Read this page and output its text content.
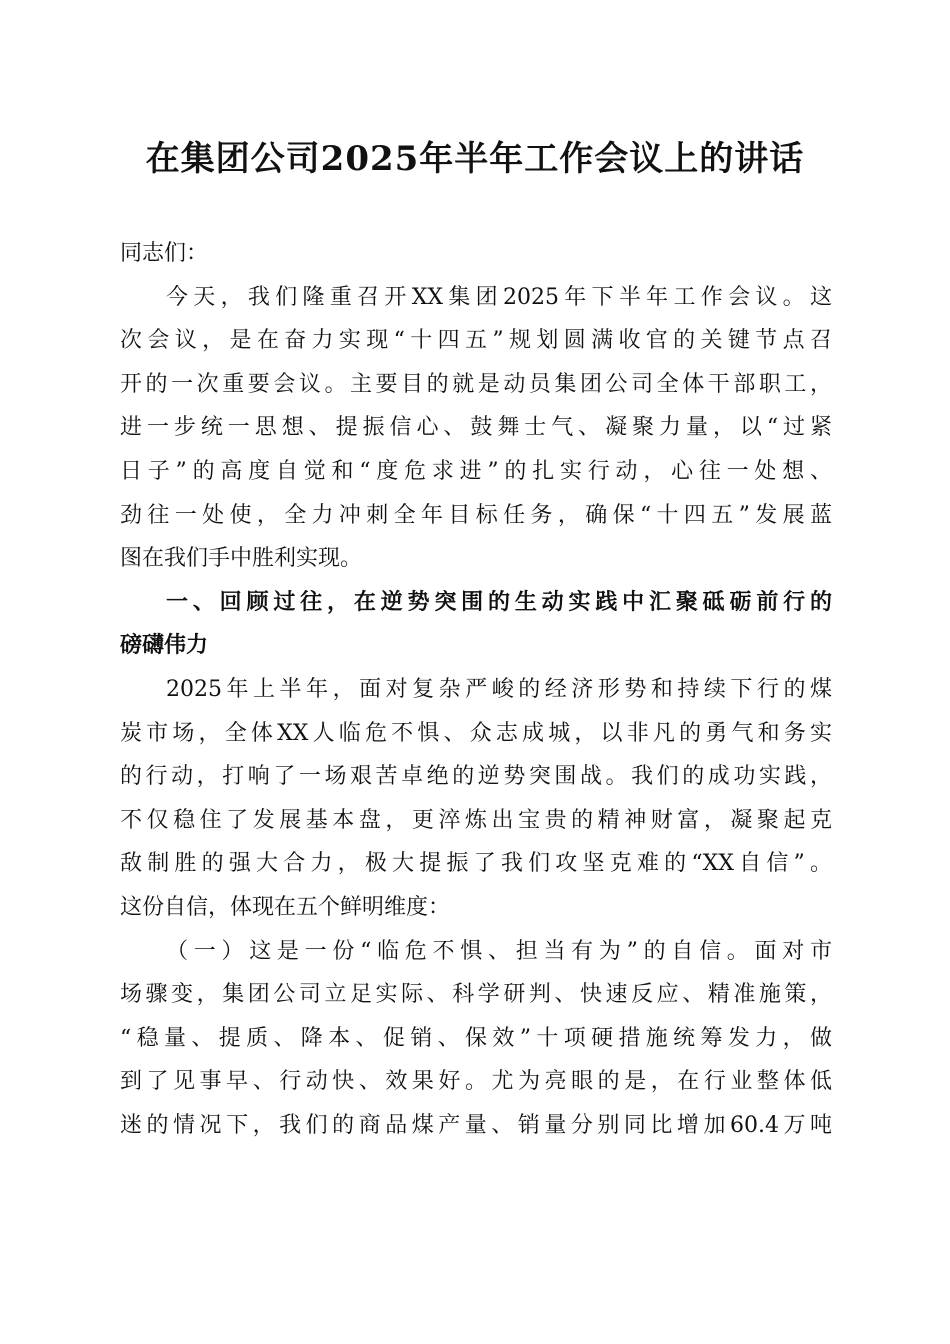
在集团公司2025年半年工作会议上的讲话
同志们：
今天，我们隆重召开XX集团2025年下半年工作会议。这
次会议，是在奋力实现“十四五”规划圆满收官的关键节点召
开的一次重要会议。主要目的就是动员集团公司全体干部职工，
进一步统一思想、提振信心、鼓舞士气、凝聚力量，以“过紧
日子”的高度自觉和“度危求进”的扎实行动，心往一处想、
劲往一处使，全力冲刺全年目标任务，确保“十四五”发展蓝
图在我们手中胜利实现。
一、回顾过往，在逆势突围的生动实践中汇聚砥砺前行的
磅礴伟力
2025年上半年，面对复杂严峻的经济形势和持续下行的煤
炭市场，全体XX人临危不惧、众志成城，以非凡的勇气和务实
的行动，打响了一场艰苦卓绝的逆势突围战。我们的成功实践，
不仅稳住了发展基本盘，更淬炼出宝贵的精神财富，凝聚起克
敌制胜的强大合力，极大提振了我们攻坚克难的“XX自信”。
这份自信，体现在五个鲜明维度：
（一）这是一份“临危不惧、担当有为”的自信。面对市
场骤变，集团公司立足实际、科学研判、快速反应、精准施策，
“稳量、提质、降本、促销、保效”十项硬措施统筹发力，做
到了见事早、行动快、效果好。尤为亮眼的是，在行业整体低
迷的情况下，我们的商品煤产量、销量分别同比增加60.4万吨
